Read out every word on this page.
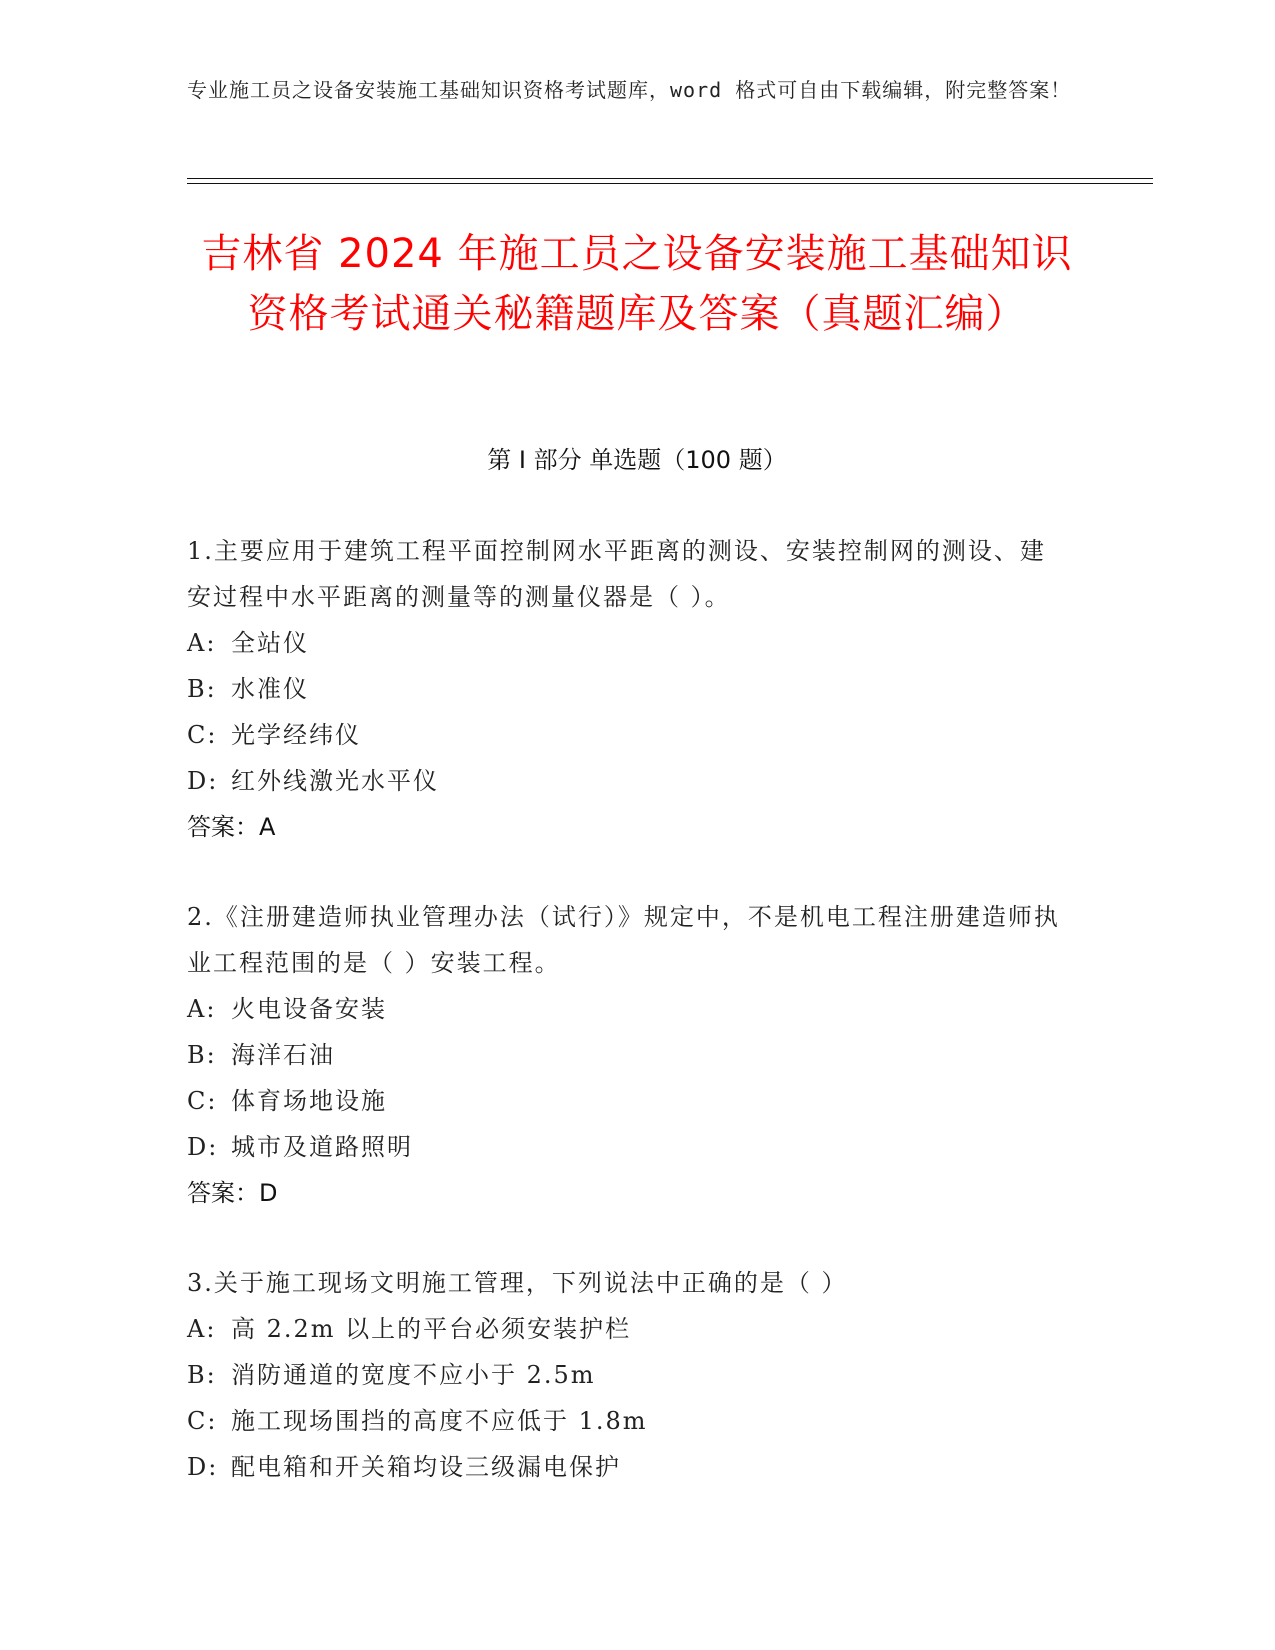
专业施工员之设备安装施工基础知识资格考试题库，word 格式可自由下载编辑，附完整答案！
吉林省 2024 年施工员之设备安装施工基础知识资格考试通关秘籍题库及答案（真题汇编）
第 I 部分 单选题（100 题）

1.主要应用于建筑工程平面控制网水平距离的测设、安装控制网的测设、建安过程中水平距离的测量等的测量仪器是（ ）。

A: 全站仪

B: 水准仪

C: 光学经纬仪

D: 红外线激光水平仪

答案：A

2.《注册建造师执业管理办法（试行）》规定中，不是机电工程注册建造师执业工程范围的是（ ）安装工程。

A: 火电设备安装

B: 海洋石油

C: 体育场地设施

D: 城市及道路照明

答案：D

3.关于施工现场文明施工管理，下列说法中正确的是（ ）

A: 高 2.2m 以上的平台必须安装护栏

B: 消防通道的宽度不应小于 2.5m

C: 施工现场围挡的高度不应低于 1.8m

D: 配电箱和开关箱均设三级漏电保护
